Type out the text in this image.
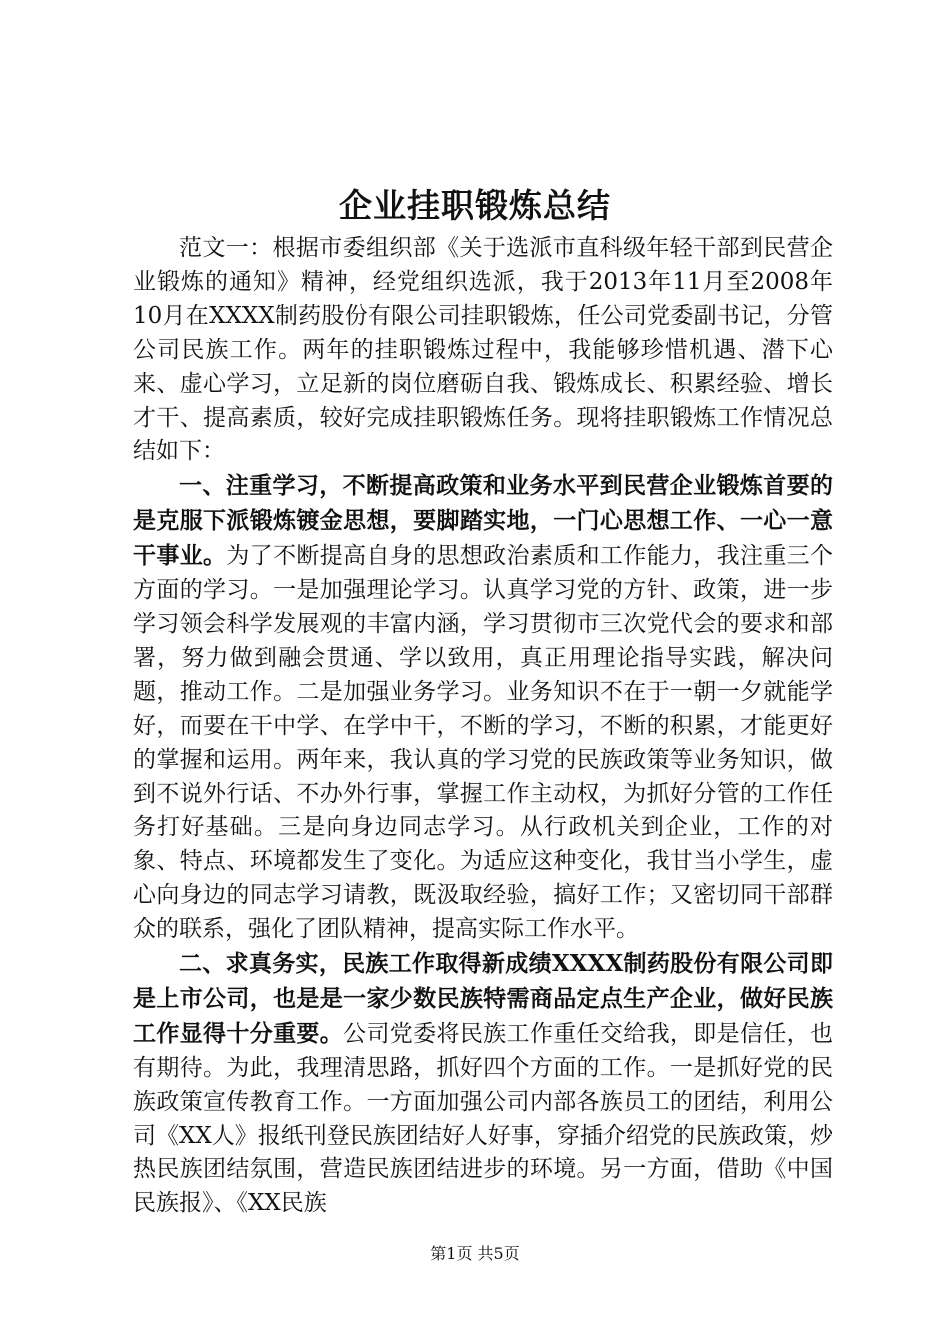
企业挂职锻炼总结

范文一：根据市委组织部《关于选派市直科级年轻干部到民营企业锻炼的通知》精神，经党组织选派，我于2013年11月至2008年10月在XXXX制药股份有限公司挂职锻炼，任公司党委副书记，分管公司民族工作。两年的挂职锻炼过程中，我能够珍惜机遇、潜下心来、虚心学习，立足新的岗位磨砺自我、锻炼成长、积累经验、增长才干、提高素质，较好完成挂职锻炼任务。现将挂职锻炼工作情况总结如下：

一、注重学习，不断提高政策和业务水平到民营企业锻炼首要的是克服下派锻炼镀金思想，要脚踏实地，一门心思想工作、一心一意干事业。为了不断提高自身的思想政治素质和工作能力，我注重三个方面的学习。一是加强理论学习。认真学习党的方针、政策，进一步学习领会科学发展观的丰富内涵，学习贯彻市三次党代会的要求和部署，努力做到融会贯通、学以致用，真正用理论指导实践，解决问题，推动工作。二是加强业务学习。业务知识不在于一朝一夕就能学好，而要在干中学、在学中干，不断的学习，不断的积累，才能更好的掌握和运用。两年来，我认真的学习党的民族政策等业务知识，做到不说外行话、不办外行事，掌握工作主动权，为抓好分管的工作任务打好基础。三是向身边同志学习。从行政机关到企业，工作的对象、特点、环境都发生了变化。为适应这种变化，我甘当小学生，虚心向身边的同志学习请教，既汲取经验，搞好工作；又密切同干部群众的联系，强化了团队精神，提高实际工作水平。

二、求真务实，民族工作取得新成绩XXXX制药股份有限公司即是上市公司，也是是一家少数民族特需商品定点生产企业，做好民族工作显得十分重要。公司党委将民族工作重任交给我，即是信任，也有期待。为此，我理清思路，抓好四个方面的工作。一是抓好党的民族政策宣传教育工作。一方面加强公司内部各族员工的团结，利用公司《XX人》报纸刊登民族团结好人好事，穿插介绍党的民族政策，炒热民族团结氛围，营造民族团结进步的环境。另一方面，借助《中国民族报》、《XX民族

第1页 共5页
